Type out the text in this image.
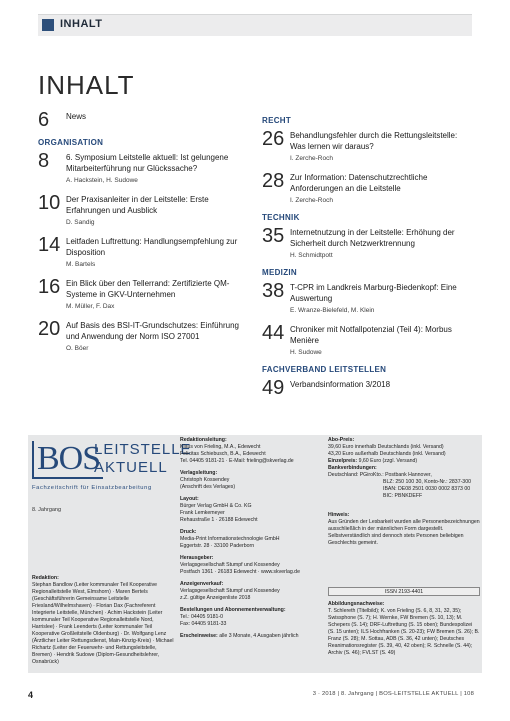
INHALT
INHALT
6	News
ORGANISATION
8	6. Symposium Leitstelle aktuell: Ist gelungene Mitarbeiterführung nur Glückssache?
A. Hackstein, H. Sudowe
10 Der Praxisanleiter in der Leitstelle: Erste Erfahrungen und Ausblick
D. Sandig
14 Leitfaden Luftrettung: Handlungsempfehlung zur Disposition
M. Bartels
16 Ein Blick über den Tellerrand: Zertifizierte QM-Systeme in GKV-Unternehmen
M. Müller, F. Dax
20 Auf Basis des BSI-IT-Grundschutzes: Einführung und Anwendung der Norm ISO 27001
O. Böer
RECHT
26 Behandlungsfehler durch die Rettungsleitstelle: Was lernen wir daraus?
I. Zerche-Roch
28 Zur Information: Datenschutzrechtliche Anforderungen an die Leitstelle
I. Zerche-Roch
TECHNIK
35 Internetnutzung in der Leitstelle: Erhöhung der Sicherheit durch Netzwerktrennung
H. Schmidtpott
MEDIZIN
38 T-CPR im Landkreis Marburg-Biedenkopf: Eine Auswertung
E. Wranze-Bielefeld, M. Klein
44 Chroniker mit Notfallpotenzial (Teil 4): Morbus Menière
H. Sudowe
FACHVERBAND LEITSTELLEN
49 Verbandsinformation 3/2018
BOS
LEITSTELLE
AKTUELL
Fachzeitschrift für Einsatzbearbeitung
8. Jahrgang

Redaktion:

Stephan Bandlow (Leiter kommunaler Teil Kooperative Regionalleitstelle West, Elmshorn) · Maren Bertels (Geschäftsführerin Gemeinsame Leitstelle Friesland/Wilhelmshaven) · Florian Dax (Fachreferent Integrierte Leitstelle, München) · Achim Hackstein (Leiter kommunaler Teil Kooperative Regionalleitstelle Nord, Harrislee) · Frank Leenderts (Leiter kommunaler Teil Kooperative Großleitstelle Oldenburg) · Dr. Wolfgang Lenz (Ärztlicher Leiter Rettungsdienst, Main-Kinzig-Kreis) · Michael Richartz (Leiter der Feuerwehr- und Rettungsleitstelle, Bremen) · Hendrik Sudowe (Diplom-Gesundheitslehrer, Osnabrück)

Redaktionsleitung:

Klaus von Frieling, M.A., Edewecht

Felicitas Schiebusch, B.A., Edewecht

Tel. 04405 9181-21 · E-Mail: frieling@skverlag.de

Verlagsleitung:

Christoph Kossendey

(Anschrift des Verlages)

Layout:

Bürger Verlag GmbH & Co. KG

Frank Lemkemeyer

Rehaustraße 1 · 26188 Edewecht

Druck:

Media-Print Informationstechnologie GmbH

Eggertstr. 28 · 33100 Paderborn

Herausgeber:

Verlagsgesellschaft Stumpf und Kossendey

Postfach 1361 · 26183 Edewecht · www.skverlag.de

Anzeigenverkauf:

Verlagsgesellschaft Stumpf und Kossendey

z.Z. gültige Anzeigenliste 2018

Bestellungen und Abonnementverwaltung:

Tel.: 04405 9181-0

Fax: 04405 9181-33

Erscheinweise: alle 3 Monate, 4 Ausgaben jährlich

Abo-Preis:

39,60 Euro innerhalb Deutschlands (inkl. Versand)

43,20 Euro außerhalb Deutschlands (inkl. Versand)

Einzelpreis: 9,60 Euro (zzgl. Versand)

Bankverbindungen:

Deutschland: PGiroKto.: Postbank Hannover,

BLZ: 250 100 30, Konto-Nr.: 2837-300

IBAN: DE08 2501 0030 0002 8373 00

BIC: PBNKDEFF

Hinweis:

Aus Gründen der Lesbarkeit wurden alle Personenbezeichnungen ausschließlich in der männlichen Form dargestellt. Selbstverständlich sind dennoch stets Personen beliebigen Geschlechts gemeint.

ISSN 2193-4401

Abbildungsnachweise:

T. Schlereth (Titelbild); K. von Frieling (S. 6, 8, 31, 32, 35); Swissphone (S. 7); H. Wernke, FW Bremen (S. 10, 13); M. Schepers (S. 14); DRF-Luftrettung (S. 15 oben); Bundespolizei (S. 15 unten); ILS Hochfranken (S. 20-23); FW Bremen (S. 26); B. Franz (S. 28); M. Sottau, ADB (S. 36, 42 unten); Deutsches Reanimationsregister (S. 39, 40, 42 oben); R. Schnelle (S. 44); Archiv (S. 46); FVLST (S. 49)

4	3 · 2018 | 8. Jahrgang | BOS-LEITSTELLE AKTUELL | 108
